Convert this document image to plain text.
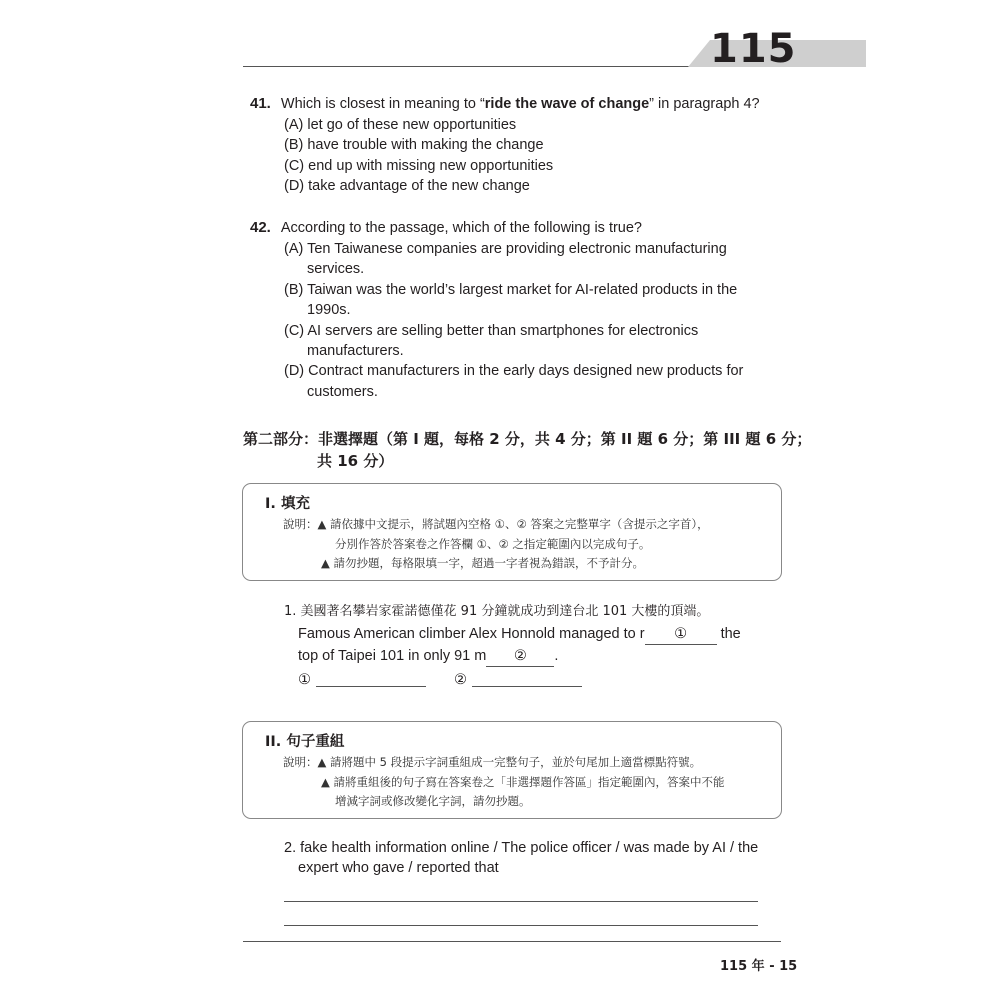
115
41. Which is closest in meaning to “ride the wave of change” in paragraph 4?
(A) let go of these new opportunities
(B) have trouble with making the change
(C) end up with missing new opportunities
(D) take advantage of the new change
42. According to the passage, which of the following is true?
(A) Ten Taiwanese companies are providing electronic manufacturing
services.
(B) Taiwan was the world’s largest market for AI-related products in the
1990s.
(C) AI servers are selling better than smartphones for electronics
manufacturers.
(D) Contract manufacturers in the early days designed new products for
customers.
第二部分：非選擇題（第 I 題，每格 2 分，共 4 分；第 II 題 6 分；第 III 題 6 分；
共 16 分）
I. 填充
說明：▲ 請依據中文提示，將試題內空格 ①、② 答案之完整單字（含提示之字首），
分別作答於答案卷之作答欄 ①、② 之指定範圍內以完成句子。
▲ 請勿抄題，每格限填一字，超過一字者視為錯誤，不予計分。
1. 美國著名攀岩家霍諾德僅花 91 分鐘就成功到達台北 101 大樓的頂端。
Famous American climber Alex Honnold managed to r ① the
top of Taipei 101 in only 91 m ② .
①	②
II. 句子重組
說明：▲ 請將題中 5 段提示字詞重組成一完整句子，並於句尾加上適當標點符號。
▲ 請將重組後的句子寫在答案卷之「非選擇題作答區」指定範圍內，答案中不能
增減字詞或修改變化字詞，請勿抄題。
2. fake health information online / The police officer / was made by AI / the
expert who gave / reported that
115 年 - 15
